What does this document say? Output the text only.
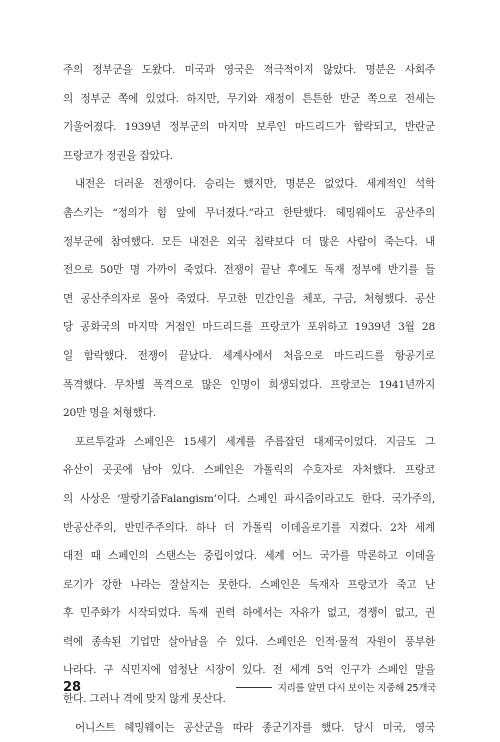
주의 정부군을 도왔다. 미국과 영국은 적극적이지 않았다. 명분은 사회주
의 정부군 쪽에 있었다. 하지만, 무기와 재정이 튼튼한 반군 쪽으로 전세는
기울어졌다. 1939년 정부군의 마지막 보루인 마드리드가 함락되고, 반란군
프랑코가 정권을 잡았다.
내전은 더러운 전쟁이다. 승리는 했지만, 명분은 없었다. 세계적인 석학
촘스키는 “정의가 힘 앞에 무너졌다.”라고 한탄했다. 헤밍웨이도 공산주의
정부군에 참여했다. 모든 내전은 외국 침략보다 더 많은 사람이 죽는다. 내
전으로 50만 명 가까이 죽었다. 전쟁이 끝난 후에도 독재 정부에 반기를 들
면 공산주의자로 몰아 죽였다. 무고한 민간인을 체포, 구금, 처형했다. 공산
당 공화국의 마지막 거점인 마드리드를 프랑코가 포위하고 1939년 3월 28
일 함락했다. 전쟁이 끝났다. 세계사에서 처음으로 마드리드를 항공기로
폭격했다. 무차별 폭격으로 많은 인명이 희생되었다. 프랑코는 1941년까지
20만 명을 처형했다.
포르투갈과 스페인은 15세기 세계를 주름잡던 대제국이었다. 지금도 그
유산이 곳곳에 남아 있다. 스페인은 가톨릭의 수호자로 자처했다. 프랑코
의 사상은 ‘팔랑기즘Falangism’이다. 스페인 파시즘이라고도 한다. 국가주의,
반공산주의, 반민주주의다. 하나 더 가톨릭 이데올로기를 지켰다. 2차 세계
대전 때 스페인의 스탠스는 중립이었다. 세계 어느 국가를 막론하고 이데올
로기가 강한 나라는 잘살지는 못한다. 스페인은 독재자 프랑코가 죽고 난
후 민주화가 시작되었다. 독재 권력 하에서는 자유가 없고, 경쟁이 없고, 권
력에 종속된 기업만 살아남을 수 있다. 스페인은 인적·물적 자원이 풍부한
나라다. 구 식민지에 엄청난 시장이 있다. 전 세계 5억 인구가 스페인 말을
한다. 그러나 격에 맞지 않게 못산다.
어니스트 헤밍웨이는 공산군을 따라 종군기자를 했다. 당시 미국, 영국
28	지리를 알면 다시 보이는 지중해 25개국
